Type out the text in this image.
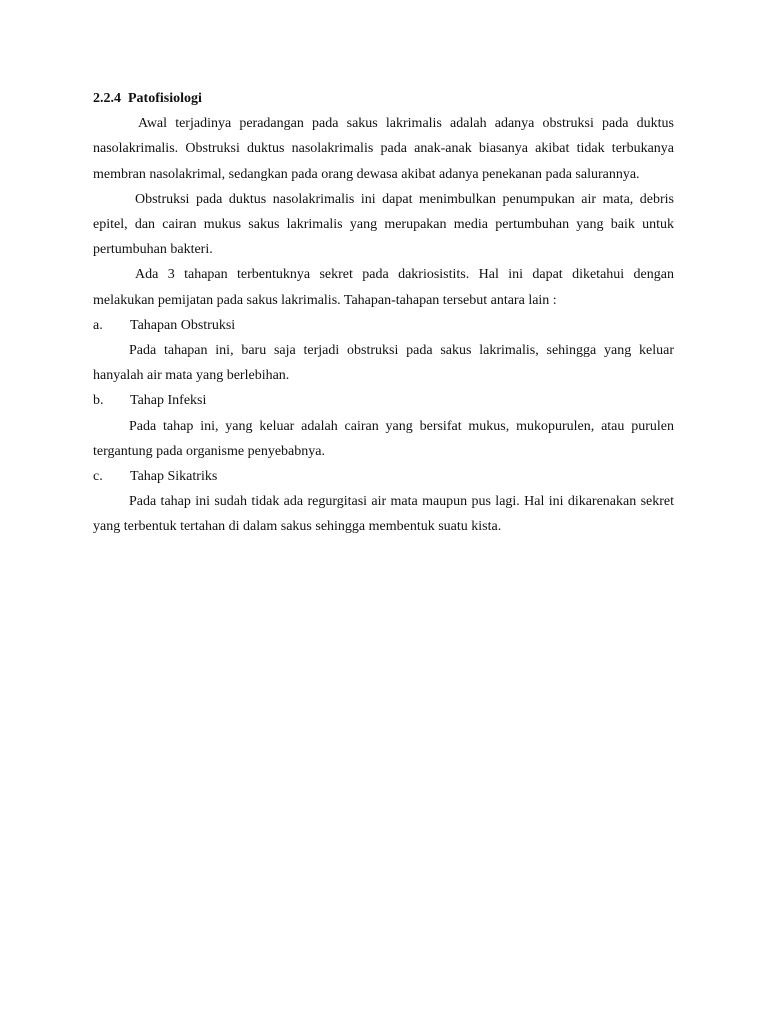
2.2.4 Patofisiologi

Awal terjadinya peradangan pada sakus lakrimalis adalah adanya obstruksi pada duktus nasolakrimalis. Obstruksi duktus nasolakrimalis pada anak-anak biasanya akibat tidak terbukanya membran nasolakrimal, sedangkan pada orang dewasa akibat adanya penekanan pada salurannya.

Obstruksi pada duktus nasolakrimalis ini dapat menimbulkan penumpukan air mata, debris epitel, dan cairan mukus sakus lakrimalis yang merupakan media pertumbuhan yang baik untuk pertumbuhan bakteri.

Ada 3 tahapan terbentuknya sekret pada dakriosistits. Hal ini dapat diketahui dengan melakukan pemijatan pada sakus lakrimalis. Tahapan-tahapan tersebut antara lain :

a.	Tahapan Obstruksi

Pada tahapan ini, baru saja terjadi obstruksi pada sakus lakrimalis, sehingga yang keluar hanyalah air mata yang berlebihan.

b.	Tahap Infeksi

Pada tahap ini, yang keluar adalah cairan yang bersifat mukus, mukopurulen, atau purulen tergantung pada organisme penyebabnya.

c.	Tahap Sikatriks

Pada tahap ini sudah tidak ada regurgitasi air mata maupun pus lagi. Hal ini dikarenakan sekret yang terbentuk tertahan di dalam sakus sehingga membentuk suatu kista.
